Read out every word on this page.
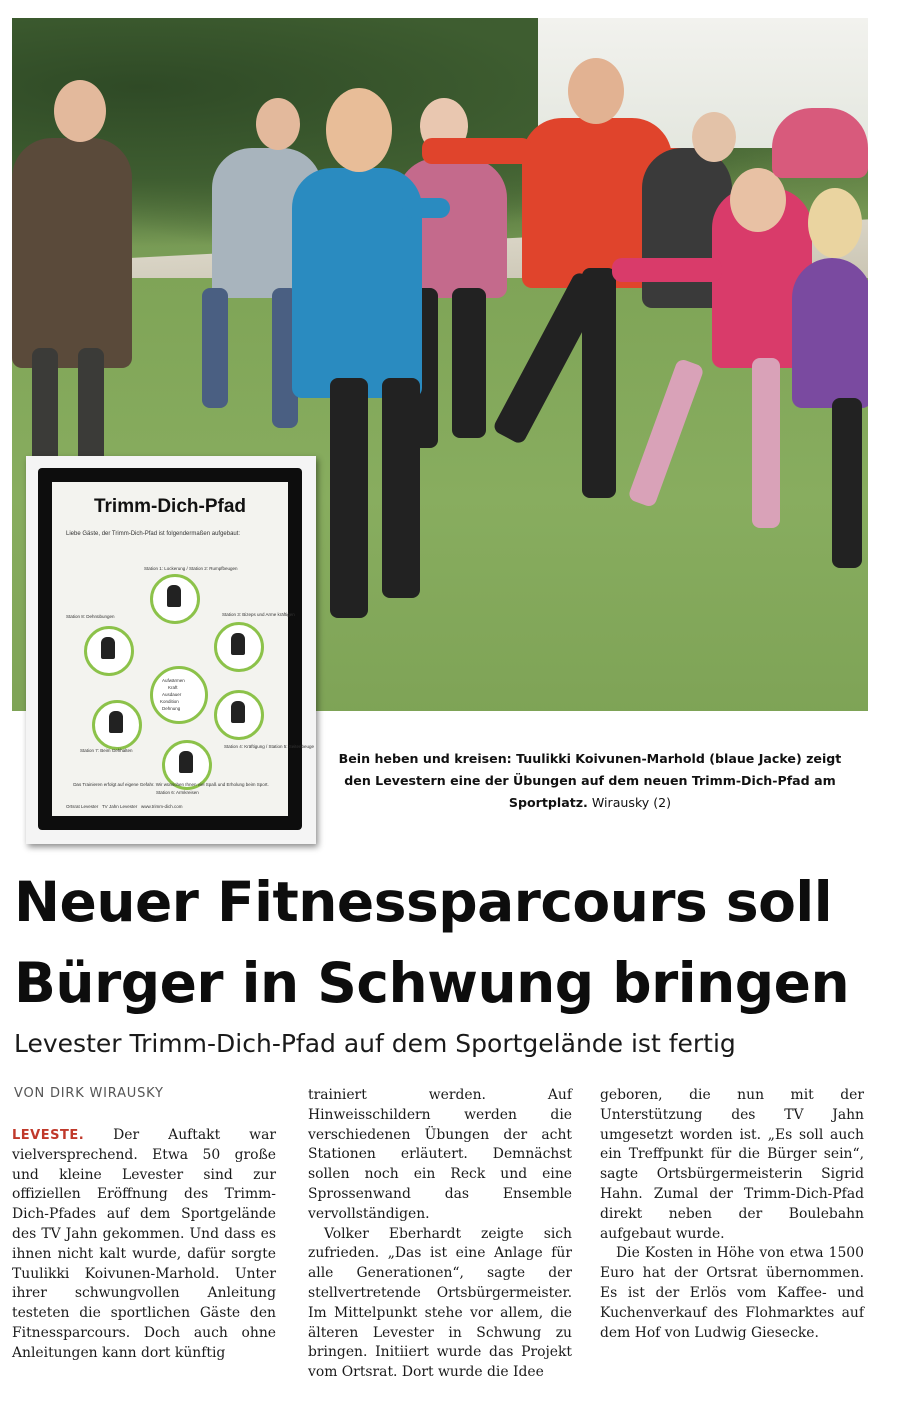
Trimm-Dich-Pfad
Liebe Gäste, der Trimm-Dich-Pfad ist folgendermaßen aufgebaut:
Station 1: Lockerung / Station 2: Rumpfbeugen
Station 3: Bizeps und Arme kräftigen
Station 4: Kräftigung / Station 5: Seitenbeuge
Station 6: Armkreisen
Station 7: Beim Gehhalten
Station 8: Dehnübungen
Aufwärmen
Kraft
Ausdauer
Kondition
Dehnung
Das Trainieren erfolgt auf eigene Gefahr. Wir wünschen Ihnen viel Spaß und Erholung beim Sport.
Ortsrat Levester TV Jahn Levester www.trimm-dich.com
Bein heben und kreisen: Tuulikki Koivunen-Marhold (blaue Jacke) zeigt den Levestern eine der Übungen auf dem neuen Trimm-Dich-Pfad am Sportplatz. Wirausky (2)
Neuer Fitnessparcours soll
Bürger in Schwung bringen
Levester Trimm-Dich-Pfad auf dem Sportgelände ist fertig
VON DIRK WIRAUSKY

LEVESTE. Der Auftakt war vielversprechend. Etwa 50 große und kleine Levester sind zur offiziellen Eröffnung des Trimm-Dich-Pfades auf dem Sportgelände des TV Jahn gekommen. Und dass es ihnen nicht kalt wurde, dafür sorgte Tuulikki Koivunen-Marhold. Unter ihrer schwungvollen Anleitung testeten die sportlichen Gäste den Fitnessparcours. Doch auch ohne Anleitungen kann dort künftig

trainiert werden. Auf Hinweisschildern werden die verschiedenen Übungen der acht Stationen erläutert. Demnächst sollen noch ein Reck und eine Sprossenwand das Ensemble vervollständigen.

Volker Eberhardt zeigte sich zufrieden. „Das ist eine Anlage für alle Generationen“, sagte der stellvertretende Ortsbürgermeister. Im Mittelpunkt stehe vor allem, die älteren Levester in Schwung zu bringen. Initiiert wurde das Projekt vom Ortsrat. Dort wurde die Idee

geboren, die nun mit der Unterstützung des TV Jahn umgesetzt worden ist. „Es soll auch ein Treffpunkt für die Bürger sein“, sagte Ortsbürgermeisterin Sigrid Hahn. Zumal der Trimm-Dich-Pfad direkt neben der Boulebahn aufgebaut wurde.

Die Kosten in Höhe von etwa 1500 Euro hat der Ortsrat übernommen. Es ist der Erlös vom Kaffee- und Kuchenverkauf des Flohmarktes auf dem Hof von Ludwig Giesecke.
